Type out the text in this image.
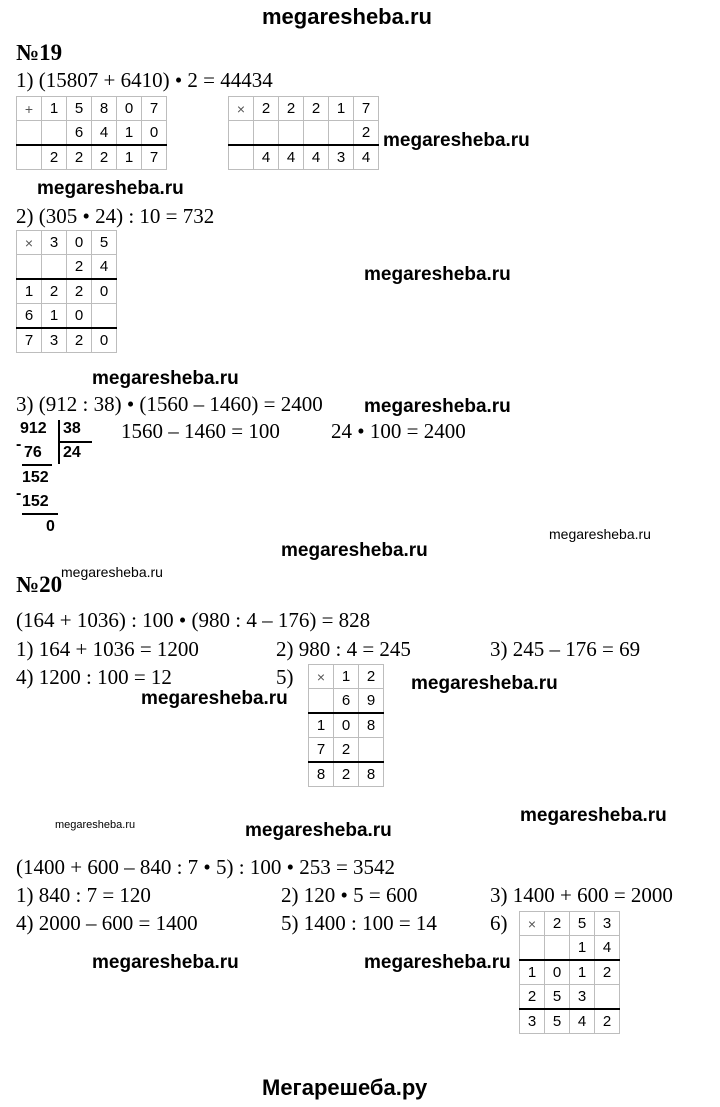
megaresheba.ru
№19
1) (15807 + 6410) • 2 = 44434
+	1	5	8	0	7
		6	4	1	0
	2	2	2	1	7
×	2	2	2	1	7
					2
	4	4	4	3	4
megaresheba.ru
megaresheba.ru
2) (305 • 24) : 10 = 732
×	3	0	5
		2	4
1	2	2	0
6	1	0	
7	3	2	0
megaresheba.ru
megaresheba.ru
3) (912 : 38) • (1560 – 1460) = 2400 megaresheba.ru
912 38
24
- 76
152
- 152
0
1560 – 1460 = 100 24 • 100 = 2400
megaresheba.ru
megaresheba.ru
megaresheba.ru
№20
(164 + 1036) : 100 • (980 : 4 – 176) = 828
1) 164 + 1036 = 1200	2) 980 : 4 = 245	3) 245 – 176 = 69
4) 1200 : 100 = 12	5) ×	1	2
	6	9
1	0	8
7	2	
8	2	8
megaresheba.ru
megaresheba.ru
megaresheba.ru
megaresheba.ru	megaresheba.ru
(1400 + 600 – 840 : 7 • 5) : 100 • 253 = 3542
1) 840 : 7 = 120	2) 120 • 5 = 600	3) 1400 + 600 = 2000
4) 2000 – 600 = 1400	5) 1400 : 100 = 14	6) ×	2	5	3
		1	4
1	0	1	2
2	5	3	
3	5	4	2
megaresheba.ru	megaresheba.ru
Мегарешеба.ру
